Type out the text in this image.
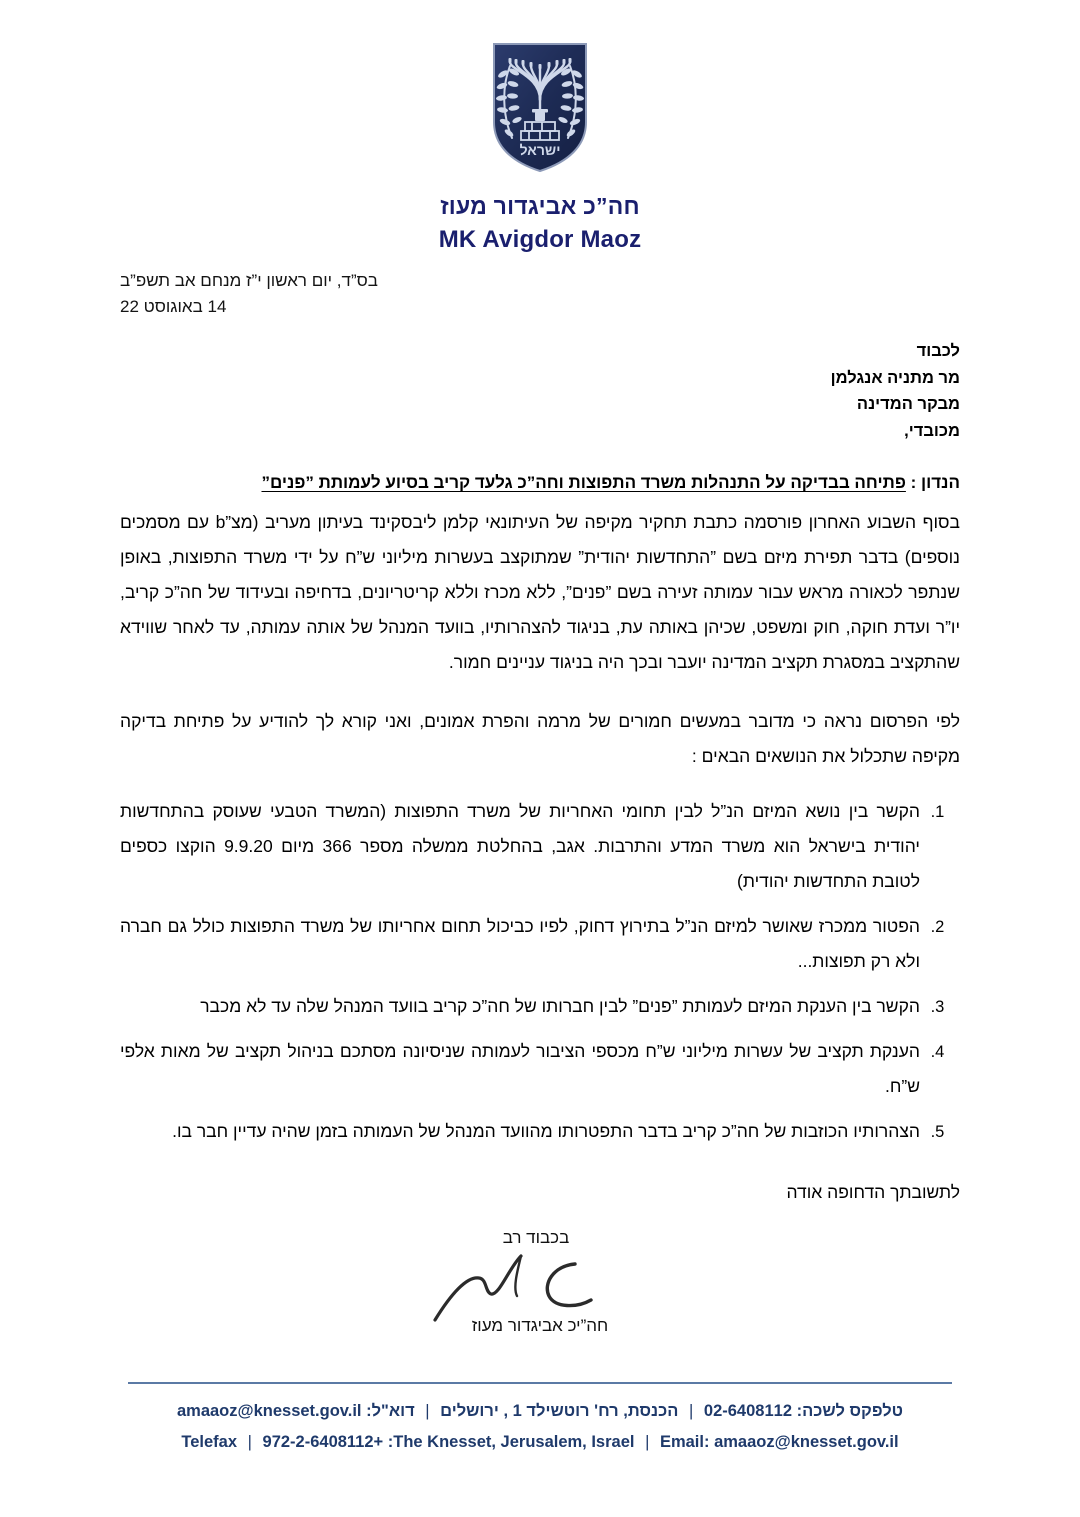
ישראל
חה”כ אביגדור מעוז
MK Avigdor Maoz
בס”ד, יום ראשון י”ז מנחם אב תשפ”ב
14 באוגוסט 22
לכבוד
מר מתניה אנגלמן
מבקר המדינה
מכובדי,
הנדון : פתיחה בבדיקה על התנהלות משרד התפוצות וחה”כ גלעד קריב בסיוע לעמותת ”פנים”

בסוף השבוע האחרון פורסמה כתבת תחקיר מקיפה של העיתונאי קלמן ליבסקינד בעיתון מעריב (מצ”b עם מסמכים נוספים) בדבר תפירת מיזם בשם ”התחדשות יהודית” שמתוקצב בעשרות מיליוני ש”ח על ידי משרד התפוצות, באופן שנתפר לכאורה מראש עבור עמותה זעירה בשם ”פנים”, ללא מכרז וללא קריטריונים, בדחיפה ובעידוד של חה”כ קריב, יו”ר ועדת חוקה, חוק ומשפט, שכיהן באותה עת, בניגוד להצהרותיו, בוועד המנהל של אותה עמותה, עד לאחר שווידא שהתקציב במסגרת תקציב המדינה יועבר ובכך היה בניגוד עניינים חמור.

לפי הפרסום נראה כי מדובר במעשים חמורים של מרמה והפרת אמונים, ואני קורא לך להודיע על פתיחת בדיקה מקיפה שתכלול את הנושאים הבאים :

1. הקשר בין נושא המיזם הנ”ל לבין תחומי האחריות של משרד התפוצות (המשרד הטבעי שעוסק בהתחדשות יהודית בישראל הוא משרד המדע והתרבות. אגב, בהחלטת ממשלה מספר 366 מיום 9.9.20 הוקצו כספים לטובת התחדשות יהודית)
2. הפטור ממכרז שאושר למיזם הנ”ל בתירוץ דחוק, לפיו כביכול תחום אחריותו של משרד התפוצות כולל גם חברה ולא רק תפוצות...
3. הקשר בין הענקת המיזם לעמותת ”פנים” לבין חברותו של חה”כ קריב בוועד המנהל שלה עד לא מכבר
4. הענקת תקציב של עשרות מיליוני ש”ח מכספי הציבור לעמותה שניסיונה מסתכם בניהול תקציב של מאות אלפי ש”ח.
5. הצהרותיו הכוזבות של חה”כ קריב בדבר התפטרותו מהוועד המנהל של העמותה בזמן שהיה עדיין חבר בו.
לתשובתך הדחופה אודה
בכבוד רב
חה”יכ אביגדור מעוז
טלפקס לשכה: 02-6408112 | הכנסת, רח' רוטשילד 1 , ירושלים | דוא"ל: amaaoz@knesset.gov.il
Telefax | 972-2-6408112+ :The Knesset, Jerusalem, Israel | Email: amaaoz@knesset.gov.il
